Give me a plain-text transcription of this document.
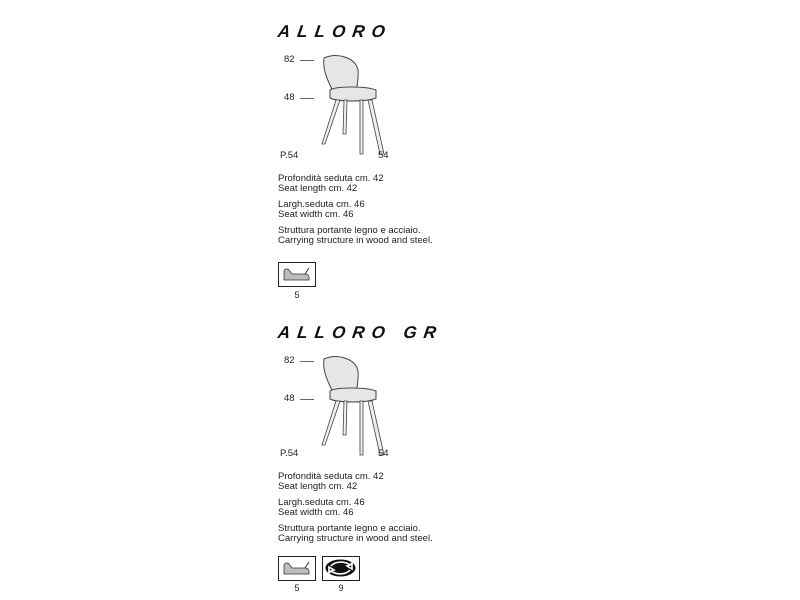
ALLORO
82
48
P.54	54

Profondità seduta cm. 42

Seat length cm. 42

Largh.seduta cm. 46

Seat width cm. 46

Struttura portante legno e acciaio.

Carrying structure in wood and steel.

5
ALLORO GR
82
48
P.54	54

Profondità seduta cm. 42

Seat length cm. 42

Largh.seduta cm. 46

Seat width cm. 46

Struttura portante legno e acciaio.

Carrying structure in wood and steel.

5	9
